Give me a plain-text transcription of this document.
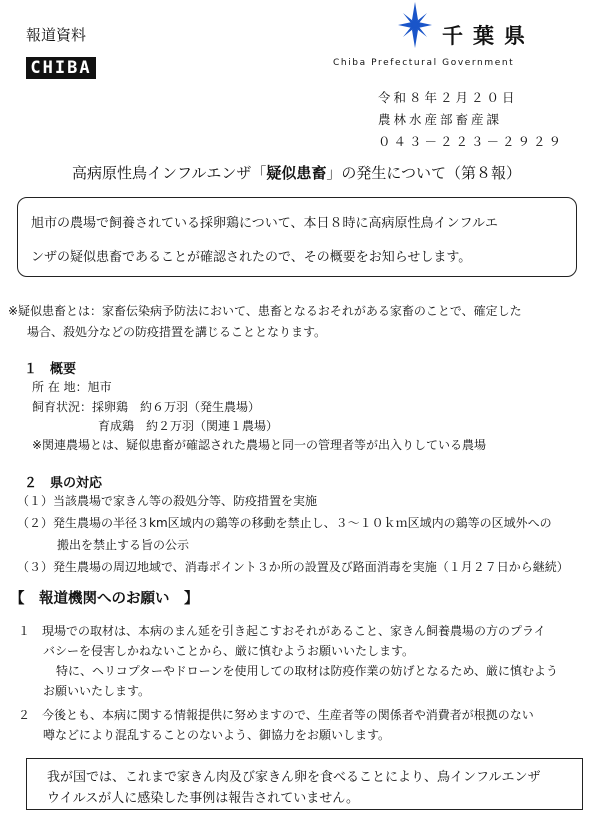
報道資料
CHIBA
千葉県
Chiba Prefectural Government
令和８年２月２０日
農林水産部畜産課
０４３－２２３－２９２９
高病原性鳥インフルエンザ「疑似患畜」の発生について（第８報）
旭市の農場で飼養されている採卵鶏について、本日８時に高病原性鳥インフルエ
ンザの疑似患畜であることが確認されたので、その概要をお知らせします。
※疑似患畜とは：家畜伝染病予防法において、患畜となるおそれがある家畜のことで、確定した
場合、殺処分などの防疫措置を講じることとなります。
１　概要
所 在 地：旭市
飼育状況：採卵鶏　約６万羽（発生農場）
育成鶏　約２万羽（関連１農場）
※関連農場とは、疑似患畜が確認された農場と同一の管理者等が出入りしている農場
２　県の対応
（１）当該農場で家きん等の殺処分等、防疫措置を実施
（２）発生農場の半径３km区域内の鶏等の移動を禁止し、３～１０ｋｍ区域内の鶏等の区域外への
搬出を禁止する旨の公示
（３）発生農場の周辺地域で、消毒ポイント３か所の設置及び路面消毒を実施（１月２７日から継続）
【　報道機関へのお願い　】
１　現場での取材は、本病のまん延を引き起こすおそれがあること、家きん飼養農場の方のプライ
バシーを侵害しかねないことから、厳に慎むようお願いいたします。
特に、ヘリコプターやドローンを使用しての取材は防疫作業の妨げとなるため、厳に慎むよう
お願いいたします。
２　今後とも、本病に関する情報提供に努めますので、生産者等の関係者や消費者が根拠のない
噂などにより混乱することのないよう、御協力をお願いします。
我が国では、これまで家きん肉及び家きん卵を食べることにより、鳥インフルエンザ
ウイルスが人に感染した事例は報告されていません。
